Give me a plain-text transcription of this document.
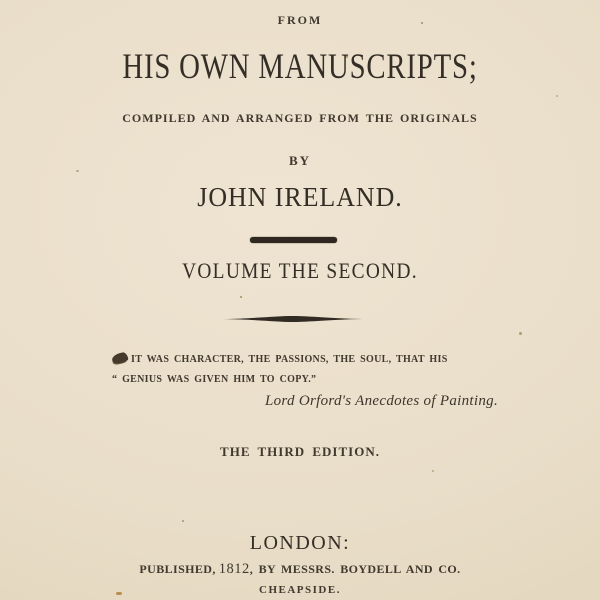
FROM
HIS OWN MANUSCRIPTS;
COMPILED AND ARRANGED FROM THE ORIGINALS
BY
JOHN IRELAND.
VOLUME THE SECOND.
IT WAS CHARACTER, THE PASSIONS, THE SOUL, THAT HIS
“ GENIUS WAS GIVEN HIM TO COPY.”
Lord Orford's Anecdotes of Painting.
THE THIRD EDITION.
LONDON:
PUBLISHED, 1812, BY MESSRS. BOYDELL AND CO.
CHEAPSIDE.
